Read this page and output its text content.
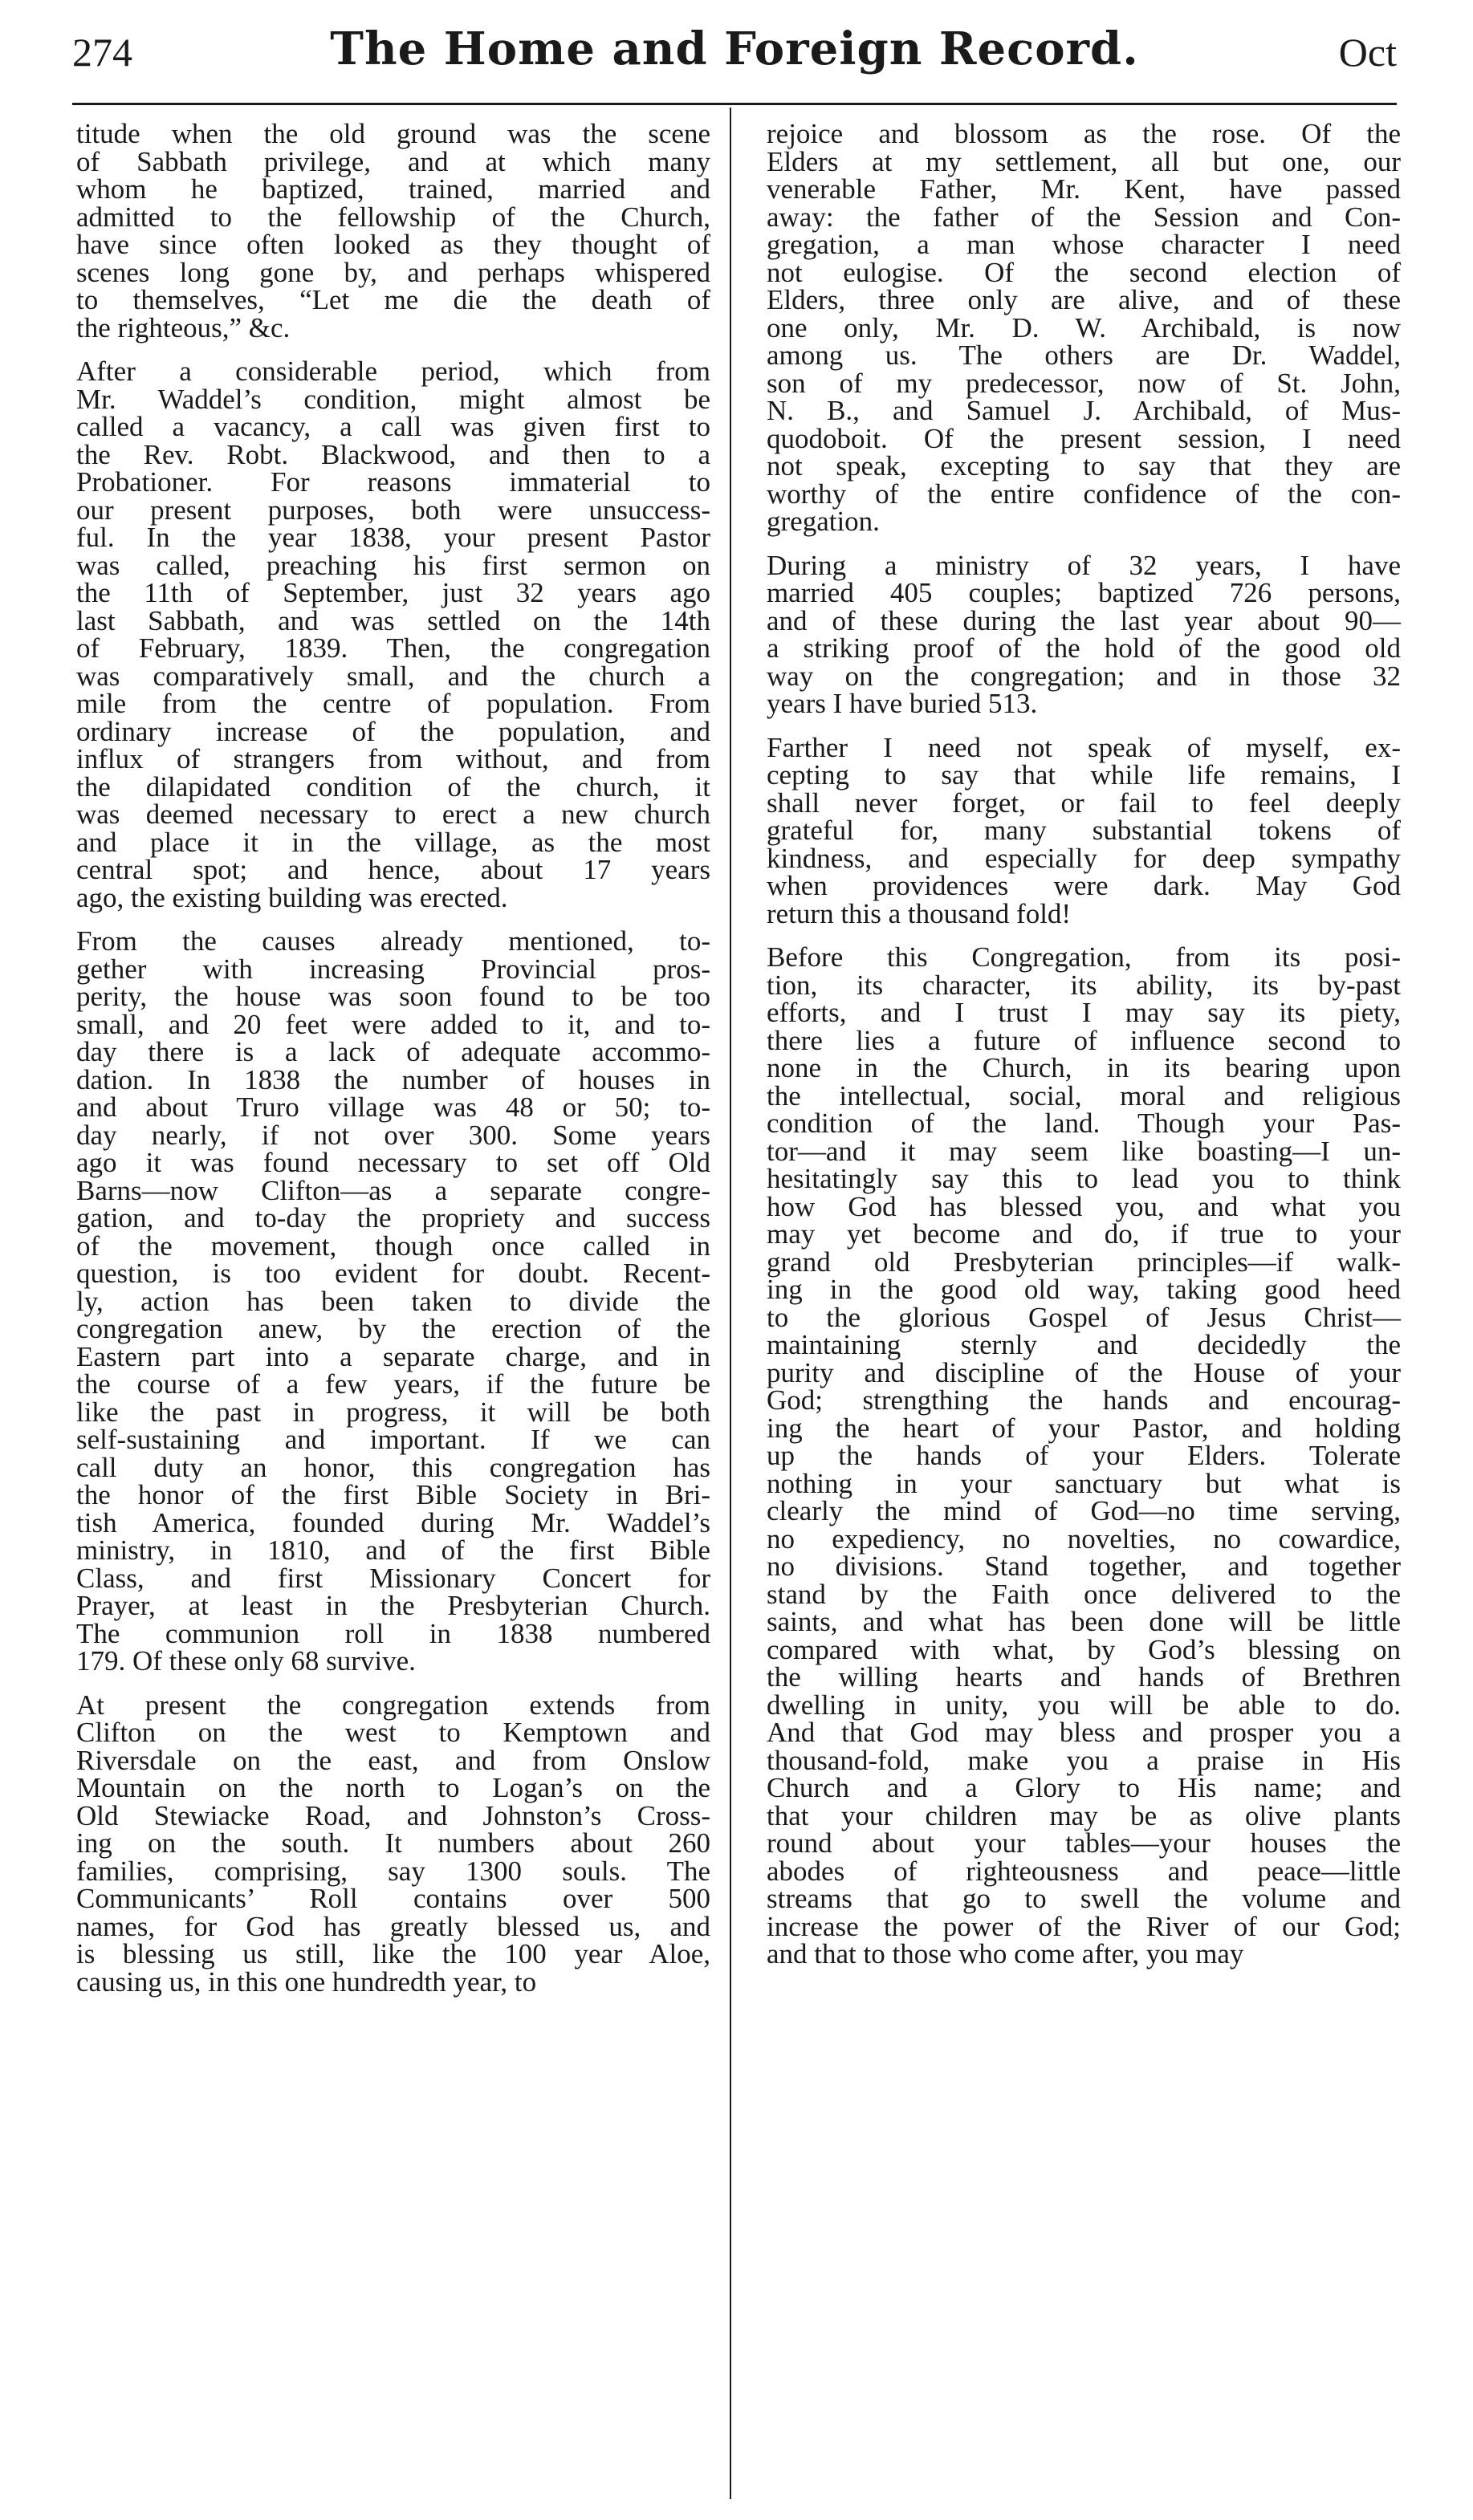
274	The Home and Foreign Record.	Oct

titude when the old ground was the scene
of Sabbath privilege, and at which many
whom he baptized, trained, married and
admitted to the fellowship of the Church,
have since often looked as they thought of
scenes long gone by, and perhaps whispered
to themselves, “Let me die the death of
the righteous,” &c.

After a considerable period, which from
Mr. Waddel’s condition, might almost be
called a vacancy, a call was given first to
the Rev. Robt. Blackwood, and then to a
Probationer. For reasons immaterial to
our present purposes, both were unsuccess-
ful. In the year 1838, your present Pastor
was called, preaching his first sermon on
the 11th of September, just 32 years ago
last Sabbath, and was settled on the 14th
of February, 1839. Then, the congregation
was comparatively small, and the church a
mile from the centre of population. From
ordinary increase of the population, and
influx of strangers from without, and from
the dilapidated condition of the church, it
was deemed necessary to erect a new church
and place it in the village, as the most
central spot; and hence, about 17 years
ago, the existing building was erected.

From the causes already mentioned, to-
gether with increasing Provincial pros-
perity, the house was soon found to be too
small, and 20 feet were added to it, and to-
day there is a lack of adequate accommo-
dation. In 1838 the number of houses in
and about Truro village was 48 or 50; to-
day nearly, if not over 300. Some years
ago it was found necessary to set off Old
Barns—now Clifton—as a separate congre-
gation, and to-day the propriety and success
of the movement, though once called in
question, is too evident for doubt. Recent-
ly, action has been taken to divide the
congregation anew, by the erection of the
Eastern part into a separate charge, and in
the course of a few years, if the future be
like the past in progress, it will be both
self-sustaining and important. If we can
call duty an honor, this congregation has
the honor of the first Bible Society in Bri-
tish America, founded during Mr. Waddel’s
ministry, in 1810, and of the first Bible
Class, and first Missionary Concert for
Prayer, at least in the Presbyterian Church.
The communion roll in 1838 numbered
179. Of these only 68 survive.

At present the congregation extends from
Clifton on the west to Kemptown and
Riversdale on the east, and from Onslow
Mountain on the north to Logan’s on the
Old Stewiacke Road, and Johnston’s Cross-
ing on the south. It numbers about 260
families, comprising, say 1300 souls. The
Communicants’ Roll contains over 500
names, for God has greatly blessed us, and
is blessing us still, like the 100 year Aloe,
causing us, in this one hundredth year, to

rejoice and blossom as the rose. Of the
Elders at my settlement, all but one, our
venerable Father, Mr. Kent, have passed
away: the father of the Session and Con-
gregation, a man whose character I need
not eulogise. Of the second election of
Elders, three only are alive, and of these
one only, Mr. D. W. Archibald, is now
among us. The others are Dr. Waddel,
son of my predecessor, now of St. John,
N. B., and Samuel J. Archibald, of Mus-
quodoboit. Of the present session, I need
not speak, excepting to say that they are
worthy of the entire confidence of the con-
gregation.

During a ministry of 32 years, I have
married 405 couples; baptized 726 persons,
and of these during the last year about 90—
a striking proof of the hold of the good old
way on the congregation; and in those 32
years I have buried 513.

Farther I need not speak of myself, ex-
cepting to say that while life remains, I
shall never forget, or fail to feel deeply
grateful for, many substantial tokens of
kindness, and especially for deep sympathy
when providences were dark. May God
return this a thousand fold!

Before this Congregation, from its posi-
tion, its character, its ability, its by-past
efforts, and I trust I may say its piety,
there lies a future of influence second to
none in the Church, in its bearing upon
the intellectual, social, moral and religious
condition of the land. Though your Pas-
tor—and it may seem like boasting—I un-
hesitatingly say this to lead you to think
how God has blessed you, and what you
may yet become and do, if true to your
grand old Presbyterian principles—if walk-
ing in the good old way, taking good heed
to the glorious Gospel of Jesus Christ—
maintaining sternly and decidedly the
purity and discipline of the House of your
God; strengthing the hands and encourag-
ing the heart of your Pastor, and holding
up the hands of your Elders. Tolerate
nothing in your sanctuary but what is
clearly the mind of God—no time serving,
no expediency, no novelties, no cowardice,
no divisions. Stand together, and together
stand by the Faith once delivered to the
saints, and what has been done will be little
compared with what, by God’s blessing on
the willing hearts and hands of Brethren
dwelling in unity, you will be able to do.
And that God may bless and prosper you a
thousand-fold, make you a praise in His
Church and a Glory to His name; and
that your children may be as olive plants
round about your tables—your houses the
abodes of righteousness and peace—little
streams that go to swell the volume and
increase the power of the River of our God;
and that to those who come after, you may
